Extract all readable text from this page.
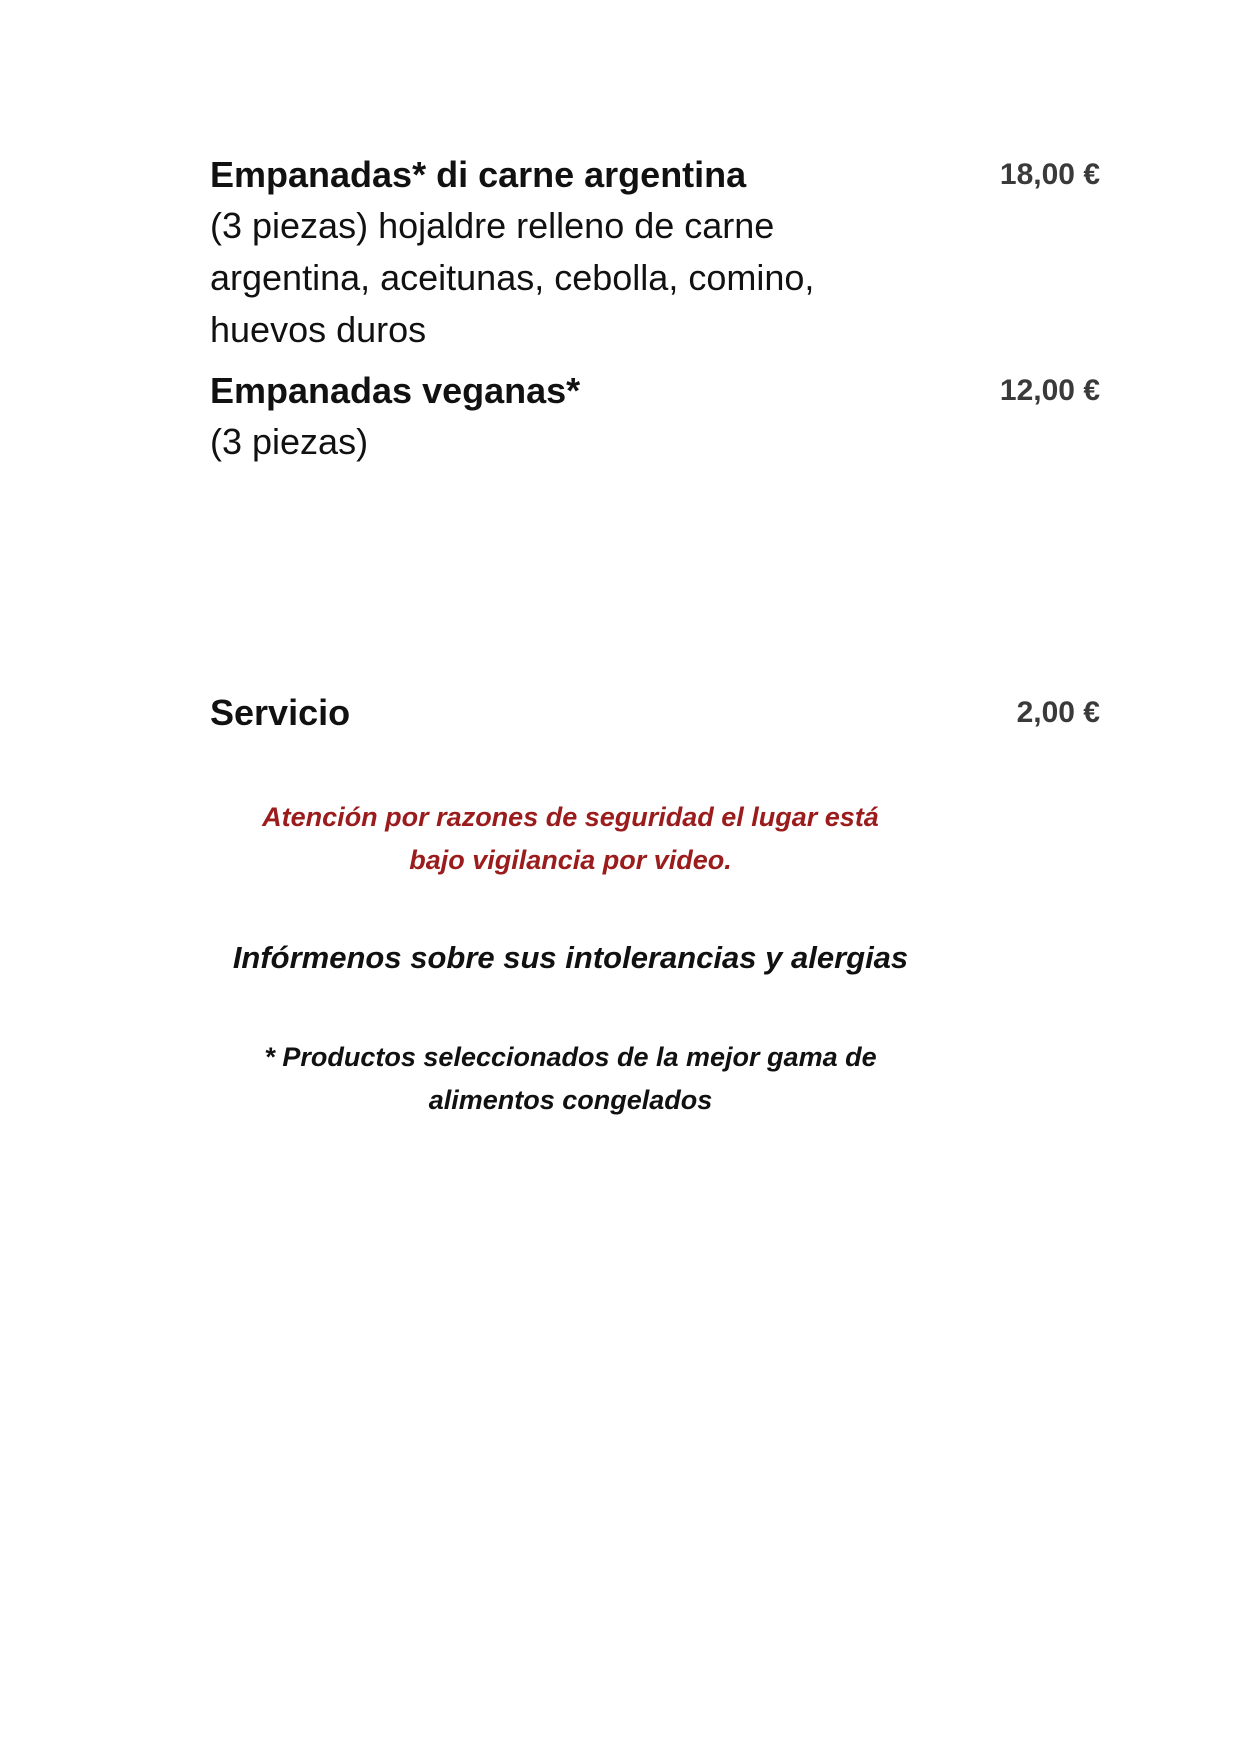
Empanadas* di carne argentina	18,00 €
(3 piezas) hojaldre relleno de carne argentina, aceitunas, cebolla, comino, huevos duros
Empanadas veganas*	12,00 €
(3 piezas)
Servicio	2,00 €
Atención por razones de seguridad el lugar está
bajo vigilancia por video.
Infórmenos sobre sus intolerancias y alergias
* Productos seleccionados de la mejor gama de
alimentos congelados
